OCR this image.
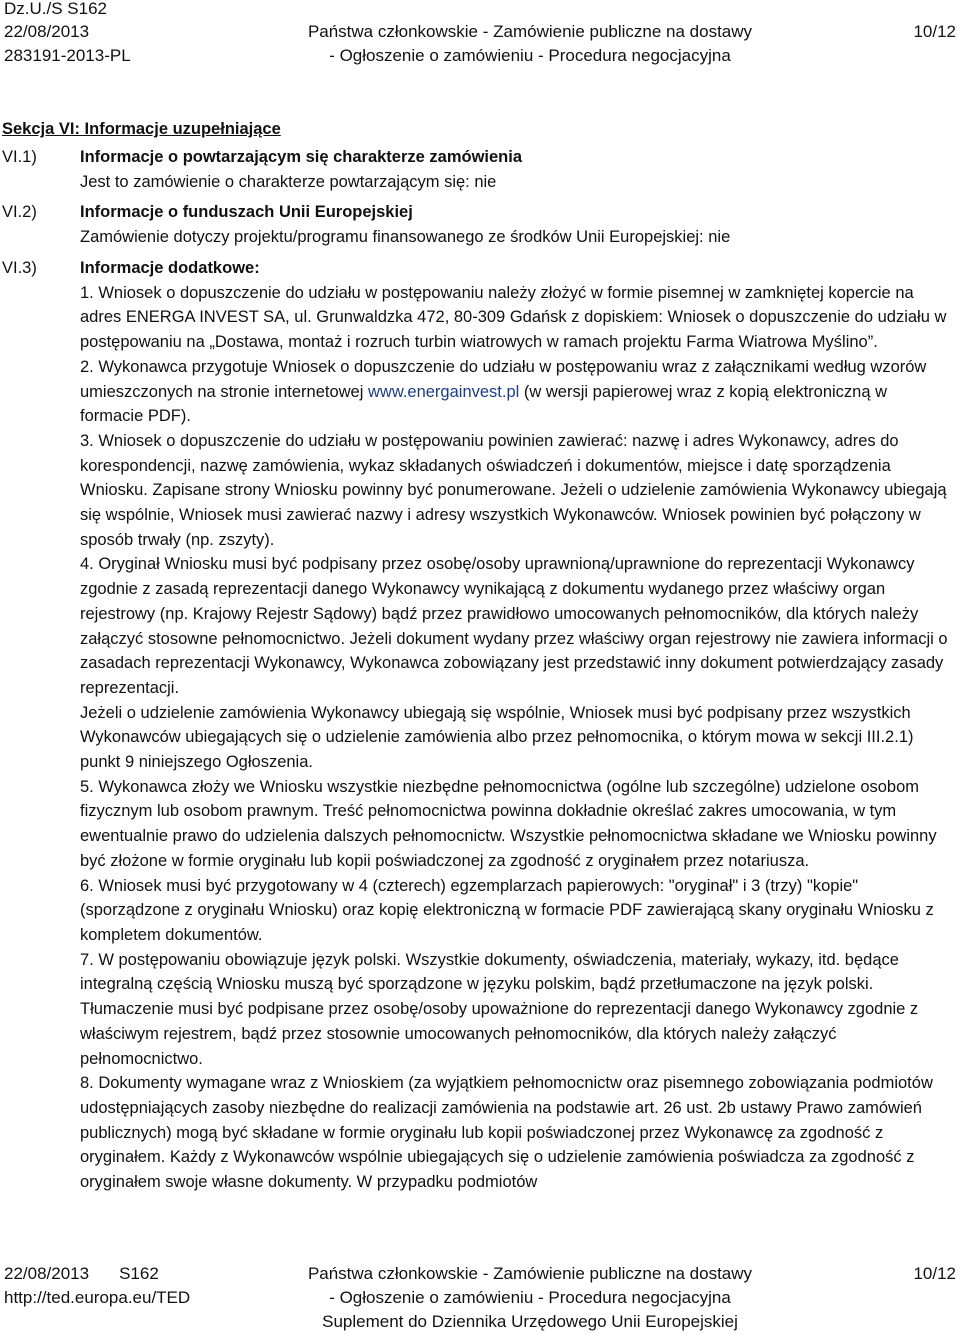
Dz.U./S S162
22/08/2013
283191-2013-PL
Państwa członkowskie - Zamówienie publiczne na dostawy
- Ogłoszenie o zamówieniu - Procedura negocjacyjna
10/12
Sekcja VI: Informacje uzupełniające
VI.1)	Informacje o powtarzającym się charakterze zamówienia
Jest to zamówienie o charakterze powtarzającym się: nie
VI.2)	Informacje o funduszach Unii Europejskiej
Zamówienie dotyczy projektu/programu finansowanego ze środków Unii Europejskiej: nie
VI.3)	Informacje dodatkowe:

1. Wniosek o dopuszczenie do udziału w postępowaniu należy złożyć w formie pisemnej w zamkniętej kopercie na adres ENERGA INVEST SA, ul. Grunwaldzka 472, 80-309 Gdańsk z dopiskiem: Wniosek o dopuszczenie do udziału w postępowaniu na „Dostawa, montaż i rozruch turbin wiatrowych w ramach projektu Farma Wiatrowa Myślino”.

2. Wykonawca przygotuje Wniosek o dopuszczenie do udziału w postępowaniu wraz z załącznikami według wzorów umieszczonych na stronie internetowej www.energainvest.pl (w wersji papierowej wraz z kopią elektroniczną w formacie PDF).

3. Wniosek o dopuszczenie do udziału w postępowaniu powinien zawierać: nazwę i adres Wykonawcy, adres do korespondencji, nazwę zamówienia, wykaz składanych oświadczeń i dokumentów, miejsce i datę sporządzenia Wniosku. Zapisane strony Wniosku powinny być ponumerowane. Jeżeli o udzielenie zamówienia Wykonawcy ubiegają się wspólnie, Wniosek musi zawierać nazwy i adresy wszystkich Wykonawców. Wniosek powinien być połączony w sposób trwały (np. zszyty).

4. Oryginał Wniosku musi być podpisany przez osobę/osoby uprawnioną/uprawnione do reprezentacji Wykonawcy zgodnie z zasadą reprezentacji danego Wykonawcy wynikającą z dokumentu wydanego przez właściwy organ rejestrowy (np. Krajowy Rejestr Sądowy) bądź przez prawidłowo umocowanych pełnomocników, dla których należy załączyć stosowne pełnomocnictwo. Jeżeli dokument wydany przez właściwy organ rejestrowy nie zawiera informacji o zasadach reprezentacji Wykonawcy, Wykonawca zobowiązany jest przedstawić inny dokument potwierdzający zasady reprezentacji.

Jeżeli o udzielenie zamówienia Wykonawcy ubiegają się wspólnie, Wniosek musi być podpisany przez wszystkich Wykonawców ubiegających się o udzielenie zamówienia albo przez pełnomocnika, o którym mowa w sekcji III.2.1) punkt 9 niniejszego Ogłoszenia.

5. Wykonawca złoży we Wniosku wszystkie niezbędne pełnomocnictwa (ogólne lub szczególne) udzielone osobom fizycznym lub osobom prawnym. Treść pełnomocnictwa powinna dokładnie określać zakres umocowania, w tym ewentualnie prawo do udzielenia dalszych pełnomocnictw. Wszystkie pełnomocnictwa składane we Wniosku powinny być złożone w formie oryginału lub kopii poświadczonej za zgodność z oryginałem przez notariusza.

6. Wniosek musi być przygotowany w 4 (czterech) egzemplarzach papierowych: "oryginał" i 3 (trzy) "kopie" (sporządzone z oryginału Wniosku) oraz kopię elektroniczną w formacie PDF zawierającą skany oryginału Wniosku z kompletem dokumentów.

7. W postępowaniu obowiązuje język polski. Wszystkie dokumenty, oświadczenia, materiały, wykazy, itd. będące integralną częścią Wniosku muszą być sporządzone w języku polskim, bądź przetłumaczone na język polski. Tłumaczenie musi być podpisane przez osobę/osoby upoważnione do reprezentacji danego Wykonawcy zgodnie z właściwym rejestrem, bądź przez stosownie umocowanych pełnomocników, dla których należy załączyć pełnomocnictwo.

8. Dokumenty wymagane wraz z Wnioskiem (za wyjątkiem pełnomocnictw oraz pisemnego zobowiązania podmiotów udostępniających zasoby niezbędne do realizacji zamówienia na podstawie art. 26 ust. 2b ustawy Prawo zamówień publicznych) mogą być składane w formie oryginału lub kopii poświadczonej przez Wykonawcę za zgodność z oryginałem. Każdy z Wykonawców wspólnie ubiegających się o udzielenie zamówienia poświadcza za zgodność z oryginałem swoje własne dokumenty. W przypadku podmiotów

22/08/2013 S162
http://ted.europa.eu/TED
Państwa członkowskie - Zamówienie publiczne na dostawy
- Ogłoszenie o zamówieniu - Procedura negocjacyjna
Suplement do Dziennika Urzędowego Unii Europejskiej
10/12
